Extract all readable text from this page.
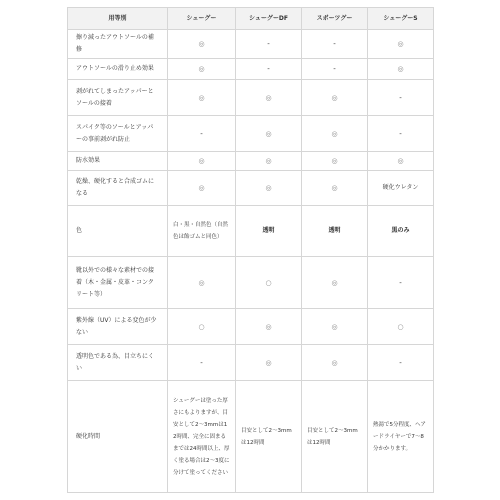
用等別	シューグー	シューグーDF	スポーツグー	シューグーS
擦り減ったアウトソールの補修	◎	-	-	◎
アウトソールの滑り止め効果	◎	-	-	◎
剥がれてしまったアッパーとソールの接着	◎	◎	◎	-
スパイク等のソールとアッパーの事前剥がれ防止	-	◎	◎	-
防水効果	◎	◎	◎	◎
乾燥、硬化すると合成ゴムになる	◎	◎	◎	硬化ウレタン
色	白・黒・自然色（自然色は飴ゴムと同色）	透明	透明	黒のみ
靴以外での様々な素材での接着（木・金属・皮革・コンクリート等）	◎	○	◎	-
紫外線（UV）による変色が少ない	○	◎	◎	○
透明色である為、目立ちにくい	-	◎	◎	-
硬化時間	シューグーは塗った厚さにもよりますが、目安として2〜3mmは12時間、完全に固まるまでは24時間以上、厚く塗る場合は2〜3度に分けて塗ってください	目安として2〜3mmは12時間	目安として2〜3mmは12時間	熱湯で5分程度、ヘアードライヤーで7〜8分かかります。
